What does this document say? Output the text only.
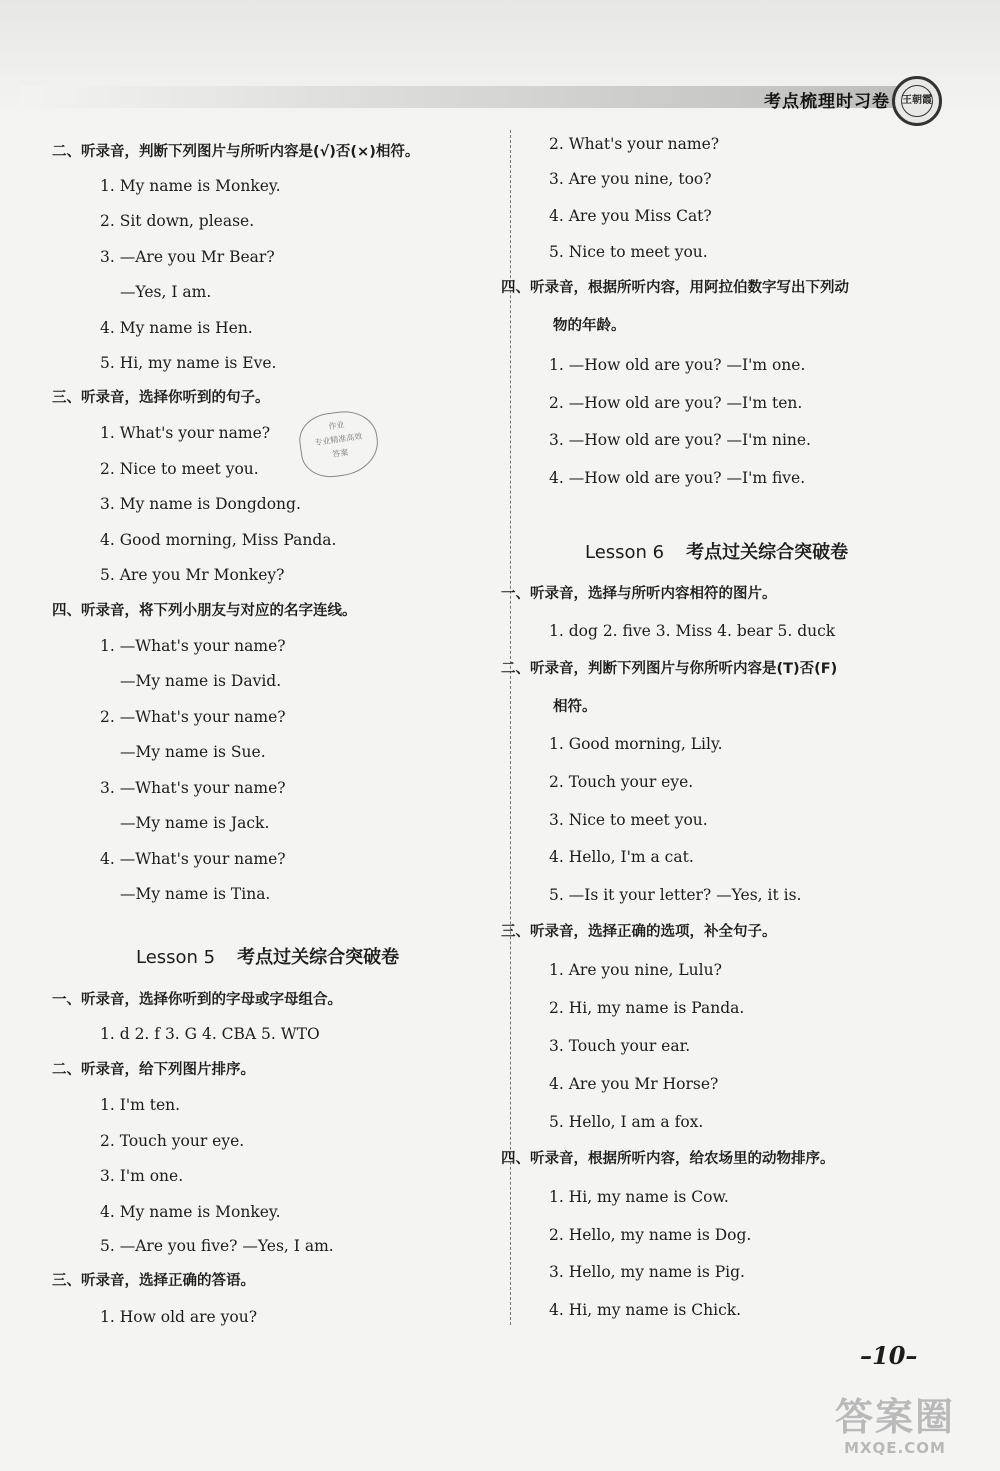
考点梳理时习卷 王朝霞
二、听录音，判断下列图片与所听内容是(√)否(×)相符。
1. My name is Monkey.
2. Sit down, please.
3. —Are you Mr Bear?
—Yes, I am.
4. My name is Hen.
5. Hi, my name is Eve.
三、听录音，选择你听到的句子。
1. What's your name?
2. Nice to meet you.
3. My name is Dongdong.
4. Good morning, Miss Panda.
5. Are you Mr Monkey?
四、听录音，将下列小朋友与对应的名字连线。
1. —What's your name?
—My name is David.
2. —What's your name?
—My name is Sue.
3. —What's your name?
—My name is Jack.
4. —What's your name?
—My name is Tina.
Lesson 5 考点过关综合突破卷
一、听录音，选择你听到的字母或字母组合。
1. d 2. f 3. G 4. CBA 5. WTO
二、听录音，给下列图片排序。
1. I'm ten.
2. Touch your eye.
3. I'm one.
4. My name is Monkey.
5. —Are you five? —Yes, I am.
三、听录音，选择正确的答语。
1. How old are you?
2. What's your name?
3. Are you nine, too?
4. Are you Miss Cat?
5. Nice to meet you.
四、听录音，根据所听内容，用阿拉伯数字写出下列动
物的年龄。
1. —How old are you? —I'm one.
2. —How old are you? —I'm ten.
3. —How old are you? —I'm nine.
4. —How old are you? —I'm five.
Lesson 6 考点过关综合突破卷
一、听录音，选择与所听内容相符的图片。
1. dog 2. five 3. Miss 4. bear 5. duck
二、听录音，判断下列图片与你所听内容是(T)否(F)
相符。
1. Good morning, Lily.
2. Touch your eye.
3. Nice to meet you.
4. Hello, I'm a cat.
5. —Is it your letter? —Yes, it is.
三、听录音，选择正确的选项，补全句子。
1. Are you nine, Lulu?
2. Hi, my name is Panda.
3. Touch your ear.
4. Are you Mr Horse?
5. Hello, I am a fox.
四、听录音，根据所听内容，给农场里的动物排序。
1. Hi, my name is Cow.
2. Hello, my name is Dog.
3. Hello, my name is Pig.
4. Hi, my name is Chick.
作业
专业精准高效
答案
–10–
答案圈
MXQE.COM
